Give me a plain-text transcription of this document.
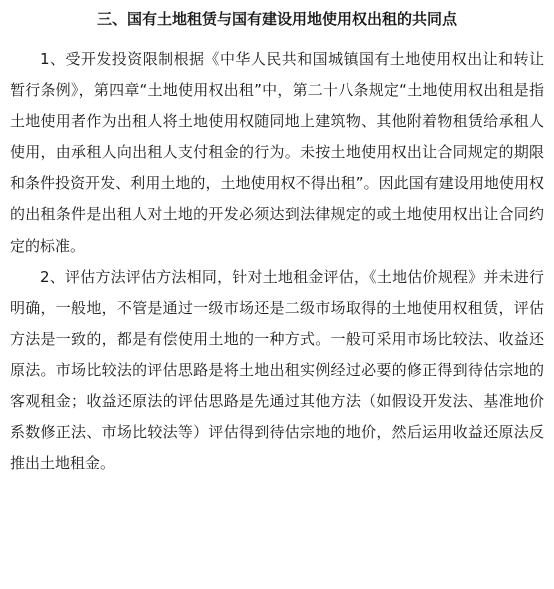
三、国有土地租赁与国有建设用地使用权出租的共同点

1、受开发投资限制根据《中华人民共和国城镇国有土地使用权出让和转让暂行条例》，第四章“土地使用权出租”中，第二十八条规定“土地使用权出租是指土地使用者作为出租人将土地使用权随同地上建筑物、其他附着物租赁给承租人使用，由承租人向出租人支付租金的行为。未按土地使用权出让合同规定的期限和条件投资开发、利用土地的，土地使用权不得出租”。因此国有建设用地使用权的出租条件是出租人对土地的开发必须达到法律规定的或土地使用权出让合同约定的标准。

2、评估方法评估方法相同，针对土地租金评估，《土地估价规程》并未进行明确，一般地，不管是通过一级市场还是二级市场取得的土地使用权租赁，评估方法是一致的，都是有偿使用土地的一种方式。一般可采用市场比较法、收益还原法。市场比较法的评估思路是将土地出租实例经过必要的修正得到待估宗地的客观租金；收益还原法的评估思路是先通过其他方法（如假设开发法、基准地价系数修正法、市场比较法等）评估得到待估宗地的地价，然后运用收益还原法反推出土地租金。
